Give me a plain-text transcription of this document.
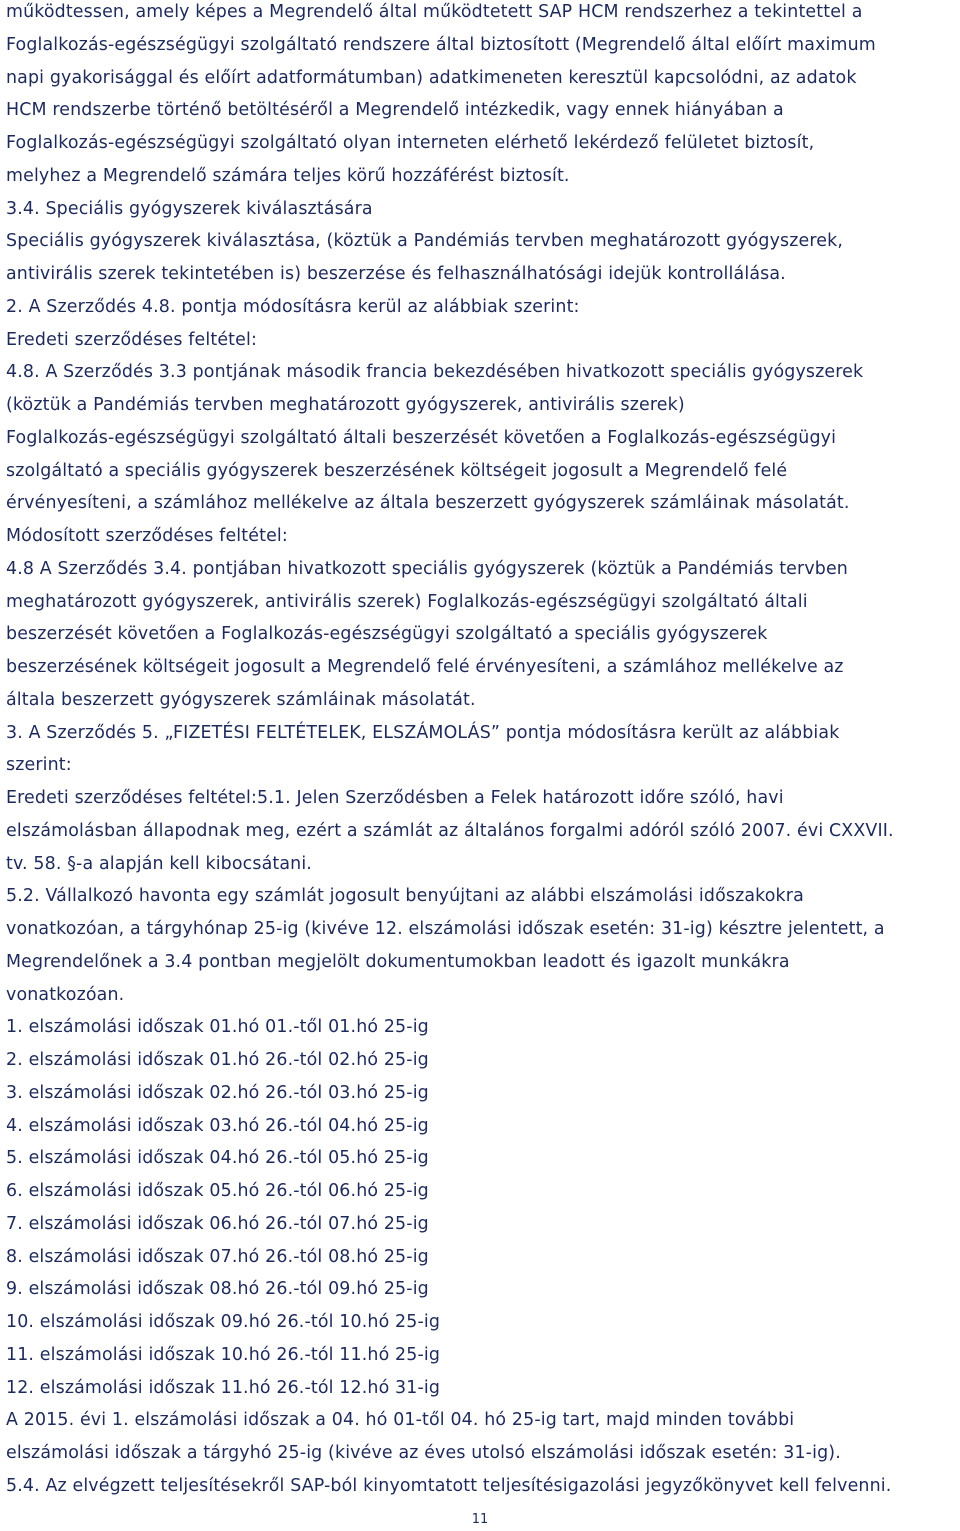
működtessen, amely képes a Megrendelő által működtetett SAP HCM rendszerhez a tekintettel a
Foglalkozás-egészségügyi szolgáltató rendszere által biztosított (Megrendelő által előírt maximum
napi gyakorisággal és előírt adatformátumban) adatkimeneten keresztül kapcsolódni, az adatok
HCM rendszerbe történő betöltéséről a Megrendelő intézkedik, vagy ennek hiányában a
Foglalkozás-egészségügyi szolgáltató olyan interneten elérhető lekérdező felületet biztosít,
melyhez a Megrendelő számára teljes körű hozzáférést biztosít.
3.4. Speciális gyógyszerek kiválasztására
Speciális gyógyszerek kiválasztása, (köztük a Pandémiás tervben meghatározott gyógyszerek,
antivirális szerek tekintetében is) beszerzése és felhasználhatósági idejük kontrollálása.
2. A Szerződés 4.8. pontja módosításra kerül az alábbiak szerint:
Eredeti szerződéses feltétel:
4.8. A Szerződés 3.3 pontjának második francia bekezdésében hivatkozott speciális gyógyszerek
(köztük a Pandémiás tervben meghatározott gyógyszerek, antivirális szerek)
Foglalkozás-egészségügyi szolgáltató általi beszerzését követően a Foglalkozás-egészségügyi
szolgáltató a speciális gyógyszerek beszerzésének költségeit jogosult a Megrendelő felé
érvényesíteni, a számlához mellékelve az általa beszerzett gyógyszerek számláinak másolatát.
Módosított szerződéses feltétel:
4.8 A Szerződés 3.4. pontjában hivatkozott speciális gyógyszerek (köztük a Pandémiás tervben
meghatározott gyógyszerek, antivirális szerek) Foglalkozás-egészségügyi szolgáltató általi
beszerzését követően a Foglalkozás-egészségügyi szolgáltató a speciális gyógyszerek
beszerzésének költségeit jogosult a Megrendelő felé érvényesíteni, a számlához mellékelve az
általa beszerzett gyógyszerek számláinak másolatát.
3. A Szerződés 5. „FIZETÉSI FELTÉTELEK, ELSZÁMOLÁS” pontja módosításra került az alábbiak
szerint:
Eredeti szerződéses feltétel:5.1. Jelen Szerződésben a Felek határozott időre szóló, havi
elszámolásban állapodnak meg, ezért a számlát az általános forgalmi adóról szóló 2007. évi CXXVII.
tv. 58. §-a alapján kell kibocsátani.
5.2. Vállalkozó havonta egy számlát jogosult benyújtani az alábbi elszámolási időszakokra
vonatkozóan, a tárgyhónap 25-ig (kivéve 12. elszámolási időszak esetén: 31-ig) késztre jelentett, a
Megrendelőnek a 3.4 pontban megjelölt dokumentumokban leadott és igazolt munkákra
vonatkozóan.
1. elszámolási időszak 01.hó 01.-től 01.hó 25-ig
2. elszámolási időszak 01.hó 26.-tól 02.hó 25-ig
3. elszámolási időszak 02.hó 26.-tól 03.hó 25-ig
4. elszámolási időszak 03.hó 26.-tól 04.hó 25-ig
5. elszámolási időszak 04.hó 26.-tól 05.hó 25-ig
6. elszámolási időszak 05.hó 26.-tól 06.hó 25-ig
7. elszámolási időszak 06.hó 26.-tól 07.hó 25-ig
8. elszámolási időszak 07.hó 26.-tól 08.hó 25-ig
9. elszámolási időszak 08.hó 26.-tól 09.hó 25-ig
10. elszámolási időszak 09.hó 26.-tól 10.hó 25-ig
11. elszámolási időszak 10.hó 26.-tól 11.hó 25-ig
12. elszámolási időszak 11.hó 26.-tól 12.hó 31-ig
A 2015. évi 1. elszámolási időszak a 04. hó 01-től 04. hó 25-ig tart, majd minden további
elszámolási időszak a tárgyhó 25-ig (kivéve az éves utolsó elszámolási időszak esetén: 31-ig).
5.4. Az elvégzett teljesítésekről SAP-ból kinyomtatott teljesítésigazolási jegyzőkönyvet kell felvenni.
11
